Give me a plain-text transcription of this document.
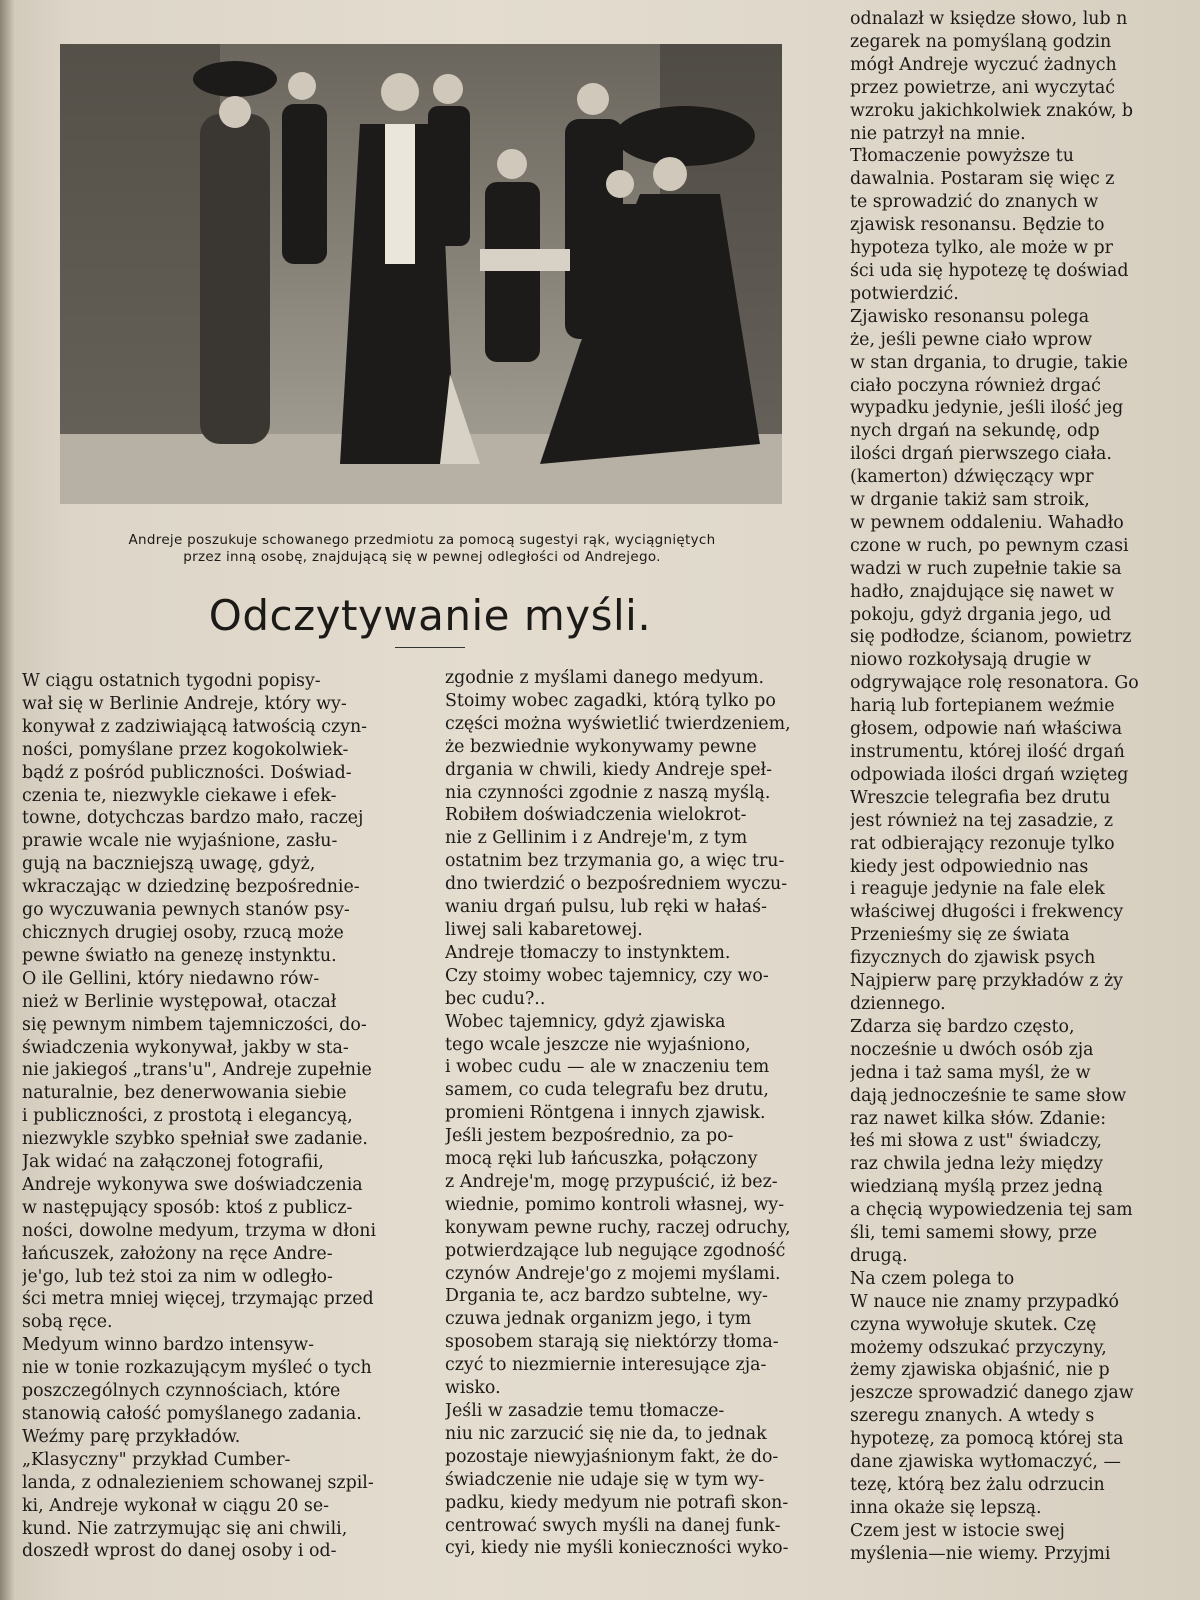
Andreje poszukuje schowanego przedmiotu za pomocą sugestyi rąk, wyciągniętych
przez inną osobę, znajdującą się w pewnej odległości od Andrejego.
Odczytywanie myśli.
W ciągu ostatnich tygodni popisy-
wał się w Berlinie Andreje, który wy-
konywał z zadziwiającą łatwością czyn-
ności, pomyślane przez kogokolwiek-
bądź z pośród publiczności. Doświad-
czenia te, niezwykle ciekawe i efek-
towne, dotychczas bardzo mało, raczej
prawie wcale nie wyjaśnione, zasłu-
gują na baczniejszą uwagę, gdyż,
wkraczając w dziedzinę bezpośrednie-
go wyczuwania pewnych stanów psy-
chicznych drugiej osoby, rzucą może
pewne światło na genezę instynktu.
O ile Gellini, który niedawno rów-
nież w Berlinie występował, otaczał
się pewnym nimbem tajemniczości, do-
świadczenia wykonywał, jakby w sta-
nie jakiegoś „trans'u", Andreje zupełnie
naturalnie, bez denerwowania siebie
i publiczności, z prostotą i elegancyą,
niezwykle szybko spełniał swe zadanie.
Jak widać na załączonej fotografii,
Andreje wykonywa swe doświadczenia
w następujący sposób: ktoś z publicz-
ności, dowolne medyum, trzyma w dłoni
łańcuszek, założony na ręce Andre-
je'go, lub też stoi za nim w odległo-
ści metra mniej więcej, trzymając przed
sobą ręce.
Medyum winno bardzo intensyw-
nie w tonie rozkazującym myśleć o tych
poszczególnych czynnościach, które
stanowią całość pomyślanego zadania.
Weźmy parę przykładów.
„Klasyczny" przykład Cumber-
landa, z odnalezieniem schowanej szpil-
ki, Andreje wykonał w ciągu 20 se-
kund. Nie zatrzymując się ani chwili,
doszedł wprost do danej osoby i od-
zgodnie z myślami danego medyum.
Stoimy wobec zagadki, którą tylko po
części można wyświetlić twierdzeniem,
że bezwiednie wykonywamy pewne
drgania w chwili, kiedy Andreje speł-
nia czynności zgodnie z naszą myślą.
Robiłem doświadczenia wielokrot-
nie z Gellinim i z Andreje'm, z tym
ostatnim bez trzymania go, a więc tru-
dno twierdzić o bezpośredniem wyczu-
waniu drgań pulsu, lub ręki w hałaś-
liwej sali kabaretowej.
Andreje tłomaczy to instynktem.
Czy stoimy wobec tajemnicy, czy wo-
bec cudu?..
Wobec tajemnicy, gdyż zjawiska
tego wcale jeszcze nie wyjaśniono,
i wobec cudu — ale w znaczeniu tem
samem, co cuda telegrafu bez drutu,
promieni Röntgena i innych zjawisk.
Jeśli jestem bezpośrednio, za po-
mocą ręki lub łańcuszka, połączony
z Andreje'm, mogę przypuścić, iż bez-
wiednie, pomimo kontroli własnej, wy-
konywam pewne ruchy, raczej odruchy,
potwierdzające lub negujące zgodność
czynów Andreje'go z mojemi myślami.
Drgania te, acz bardzo subtelne, wy-
czuwa jednak organizm jego, i tym
sposobem starają się niektórzy tłoma-
czyć to niezmiernie interesujące zja-
wisko.
Jeśli w zasadzie temu tłomacze-
niu nic zarzucić się nie da, to jednak
pozostaje niewyjaśnionym fakt, że do-
świadczenie nie udaje się w tym wy-
padku, kiedy medyum nie potrafi skon-
centrować swych myśli na danej funk-
cyi, kiedy nie myśli konieczności wyko-
odnalazł w księdze słowo, lub n
zegarek na pomyślaną godzin
mógł Andreje wyczuć żadnych
przez powietrze, ani wyczytać
wzroku jakichkolwiek znaków, b
nie patrzył na mnie.
Tłomaczenie powyższe tu
dawalnia. Postaram się więc z
te sprowadzić do znanych w
zjawisk resonansu. Będzie to
hypoteza tylko, ale może w pr
ści uda się hypotezę tę doświad
potwierdzić.
Zjawisko resonansu polega
że, jeśli pewne ciało wprow
w stan drgania, to drugie, takie
ciało poczyna również drgać
wypadku jedynie, jeśli ilość jeg
nych drgań na sekundę, odp
ilości drgań pierwszego ciała.
(kamerton) dźwięczący wpr
w drganie takiż sam stroik,
w pewnem oddaleniu. Wahadło
czone w ruch, po pewnym czasi
wadzi w ruch zupełnie takie sa
hadło, znajdujące się nawet w
pokoju, gdyż drgania jego, ud
się podłodze, ścianom, powietrz
niowo rozkołysają drugie w
odgrywające rolę resonatora. Go
harią lub fortepianem weźmie
głosem, odpowie nań właściwa
instrumentu, której ilość drgań
odpowiada ilości drgań wzięteg
Wreszcie telegrafia bez drutu
jest również na tej zasadzie, z
rat odbierający rezonuje tylko
kiedy jest odpowiednio nas
i reaguje jedynie na fale elek
właściwej długości i frekwency
Przenieśmy się ze świata
fizycznych do zjawisk psych
Najpierw parę przykładów z ży
dziennego.
Zdarza się bardzo często,
nocześnie u dwóch osób zja
jedna i taż sama myśl, że w
dają jednocześnie te same słow
raz nawet kilka słów. Zdanie:
łeś mi słowa z ust" świadczy,
raz chwila jedna leży między
wiedzianą myślą przez jedną
a chęcią wypowiedzenia tej sam
śli, temi samemi słowy, prze
drugą.
Na czem polega to
W nauce nie znamy przypadkó
czyna wywołuje skutek. Czę
możemy odszukać przyczyny,
żemy zjawiska objaśnić, nie p
jeszcze sprowadzić danego zjaw
szeregu znanych. A wtedy s
hypotezę, za pomocą której sta
dane zjawiska wytłomaczyć, —
tezę, którą bez żalu odrzucin
inna okaże się lepszą.
Czem jest w istocie swej
myślenia—nie wiemy. Przyjmi
